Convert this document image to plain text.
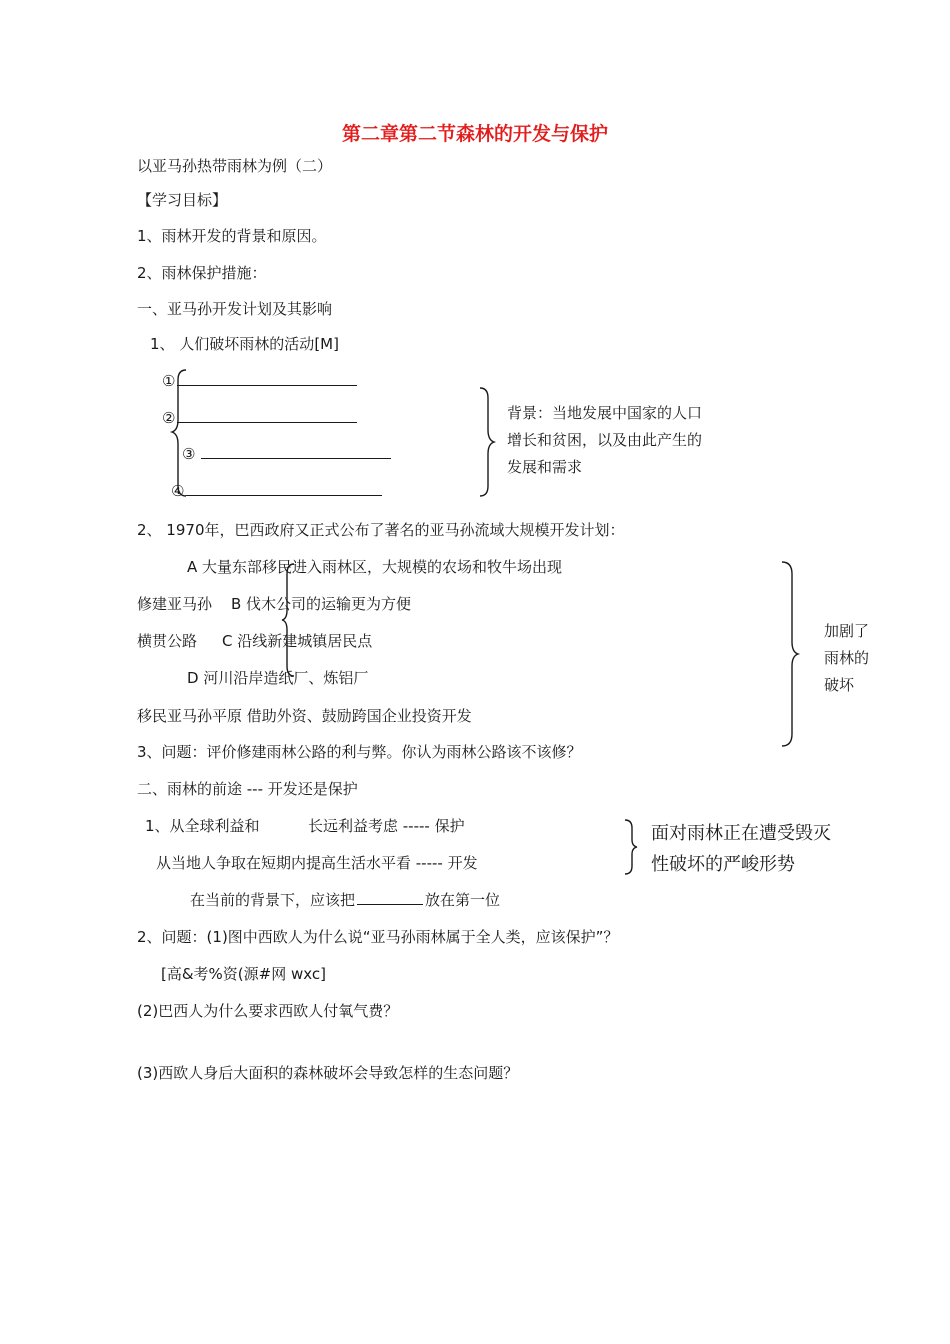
第二章第二节森林的开发与保护
以亚马孙热带雨林为例（二）
【学习目标】
1、雨林开发的背景和原因。
2、雨林保护措施：
一、亚马孙开发计划及其影响
1、 人们破坏雨林的活动[M]
①
②
③
④
背景：当地发展中国家的人口增长和贫困，以及由此产生的发展和需求
2、 1970年，巴西政府又正式公布了著名的亚马孙流域大规模开发计划：
A 大量东部移民进入雨林区，大规模的农场和牧牛场出现
修建亚马孙 B 伐木公司的运输更为方便
横贯公路 C 沿线新建城镇居民点
D 河川沿岸造纸厂、炼铝厂
移民亚马孙平原 借助外资、鼓励跨国企业投资开发
加剧了雨林的破坏
3、问题：评价修建雨林公路的利与弊。你认为雨林公路该不该修？
二、雨林的前途 --- 开发还是保护
1、从全球利益和	长远利益考虑 ----- 保护
从当地人争取在短期内提高生活水平看 ----- 开发
面对雨林正在遭受毁灭性破坏的严峻形势
在当前的背景下，应该把	放在第一位
2、问题：(1)图中西欧人为什么说“亚马孙雨林属于全人类，应该保护”？
[高&考%资(源#网 wxc]
(2)巴西人为什么要求西欧人付氧气费？
(3)西欧人身后大面积的森林破坏会导致怎样的生态问题？
